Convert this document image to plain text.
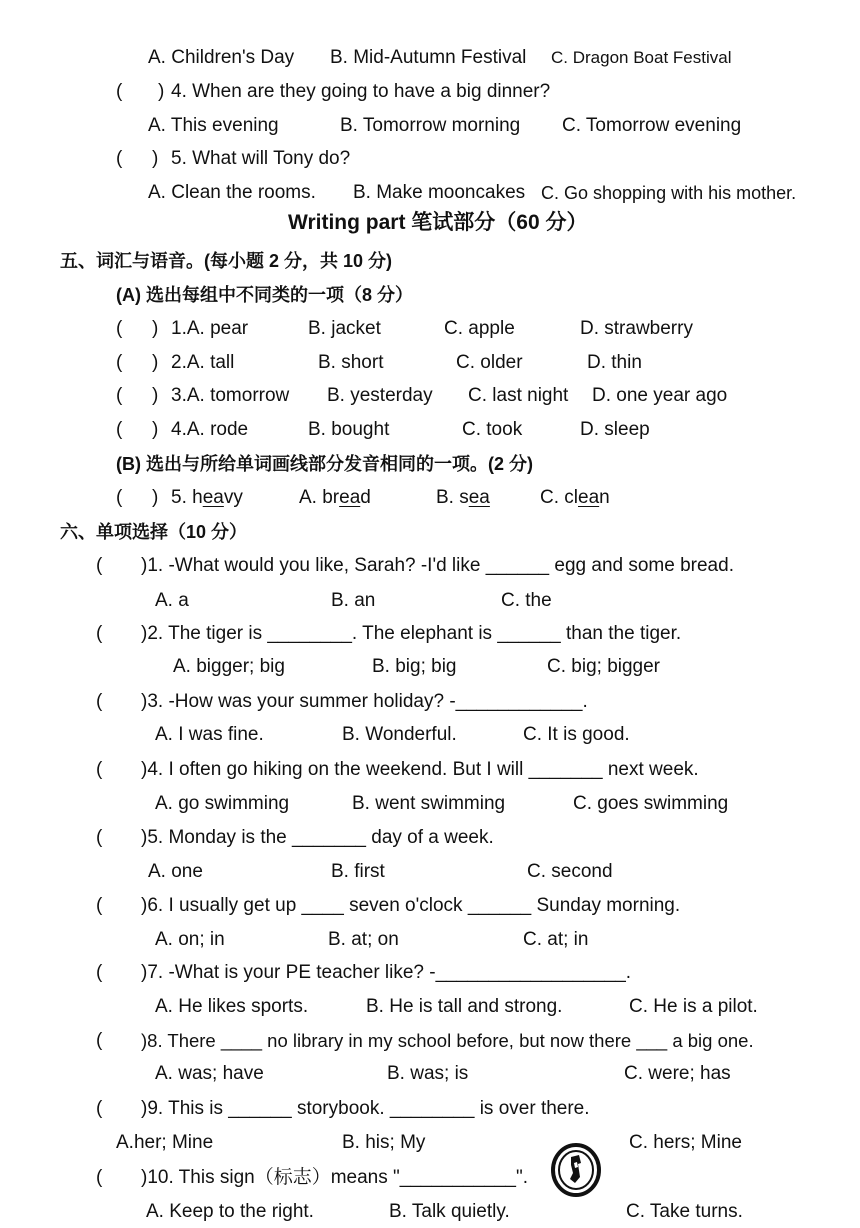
A. Children's Day B. Mid-Autumn Festival C. Dragon Boat Festival
( ) 4. When are they going to have a big dinner?
A. This evening	B. Tomorrow morning C. Tomorrow evening
( ) 5. What will Tony do?
A. Clean the rooms. B. Make mooncakes C. Go shopping with his mother.
Writing part 笔试部分（60 分）
五、词汇与语音。(每小题 2 分，共 10 分)
(A) 选出每组中不同类的一项（8 分）
( ) 1.A. pear	B. jacket	C. apple	D. strawberry
( ) 2.A. tall	B. short	C. older	D. thin
( ) 3.A. tomorrow B. yesterday C. last night D. one year ago
( ) 4.A. rode	B. bought	C. took	D. sleep
(B) 选出与所给单词画线部分发音相同的一项。(2 分)
( ) 5. heavy	A. bread	B. sea	C. clean
六、单项选择（10 分）
( )1. -What would you like, Sarah? -I'd like ______ egg and some bread.
A. a	B. an	C. the
( )2. The tiger is ________. The elephant is ______ than the tiger.
A. bigger; big	B. big; big	C. big; bigger
( )3. -How was your summer holiday? -____________.
A. I was fine.	B. Wonderful.	C. It is good.
( )4. I often go hiking on the weekend. But I will _______ next week.
A. go swimming	B. went swimming	C. goes swimming
( )5. Monday is the _______ day of a week.
A. one	B. first	C. second
( )6. I usually get up ____ seven o'clock ______ Sunday morning.
A. on; in	B. at; on	C. at; in
( )7. -What is your PE teacher like? -__________________.
A. He likes sports.	B. He is tall and strong.	C. He is a pilot.
( )8. There ____ no library in my school before, but now there ___ a big one.
A. was; have	B. was; is	C. were; has
( )9. This is ______ storybook. ________ is over there.
A.her; Mine	B. his; My	C. hers; Mine
( )10. This sign（标志）means "___________".
A. Keep to the right.	B. Talk quietly.	C. Take turns.
